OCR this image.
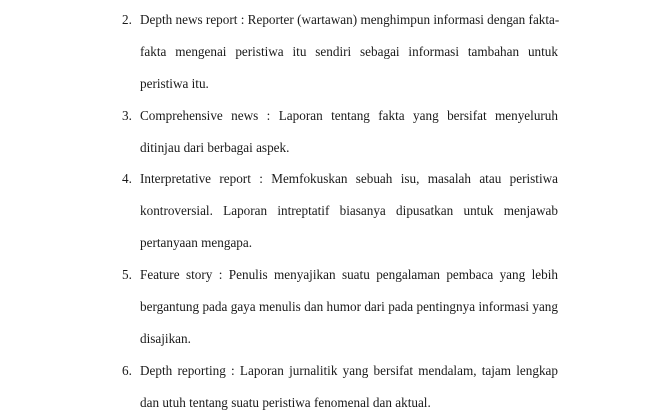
2. Depth news report : Reporter (wartawan) menghimpun informasi dengan fakta-
fakta mengenai peristiwa itu sendiri sebagai informasi tambahan untuk
peristiwa itu.
3. Comprehensive news : Laporan tentang fakta yang bersifat menyeluruh
ditinjau dari berbagai aspek.
4. Interpretative report : Memfokuskan sebuah isu, masalah atau peristiwa
kontroversial. Laporan intreptatif biasanya dipusatkan untuk menjawab
pertanyaan mengapa.
5. Feature story : Penulis menyajikan suatu pengalaman pembaca yang lebih
bergantung pada gaya menulis dan humor dari pada pentingnya informasi yang
disajikan.
6. Depth reporting : Laporan jurnalitik yang bersifat mendalam, tajam lengkap
dan utuh tentang suatu peristiwa fenomenal dan aktual.
